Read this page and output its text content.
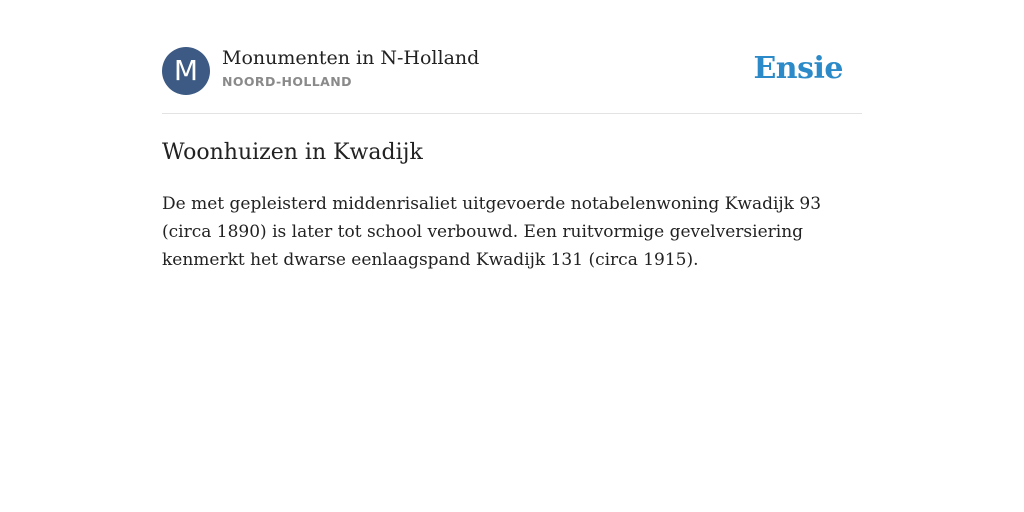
M	Monumenten in N-Holland
NOORD-HOLLAND	Ensie
Woonhuizen in Kwadijk
De met gepleisterd middenrisaliet uitgevoerde notabelenwoning Kwadijk 93 (circa 1890) is later tot school verbouwd. Een ruitvormige gevelversiering kenmerkt het dwarse eenlaagspand Kwadijk 131 (circa 1915).
